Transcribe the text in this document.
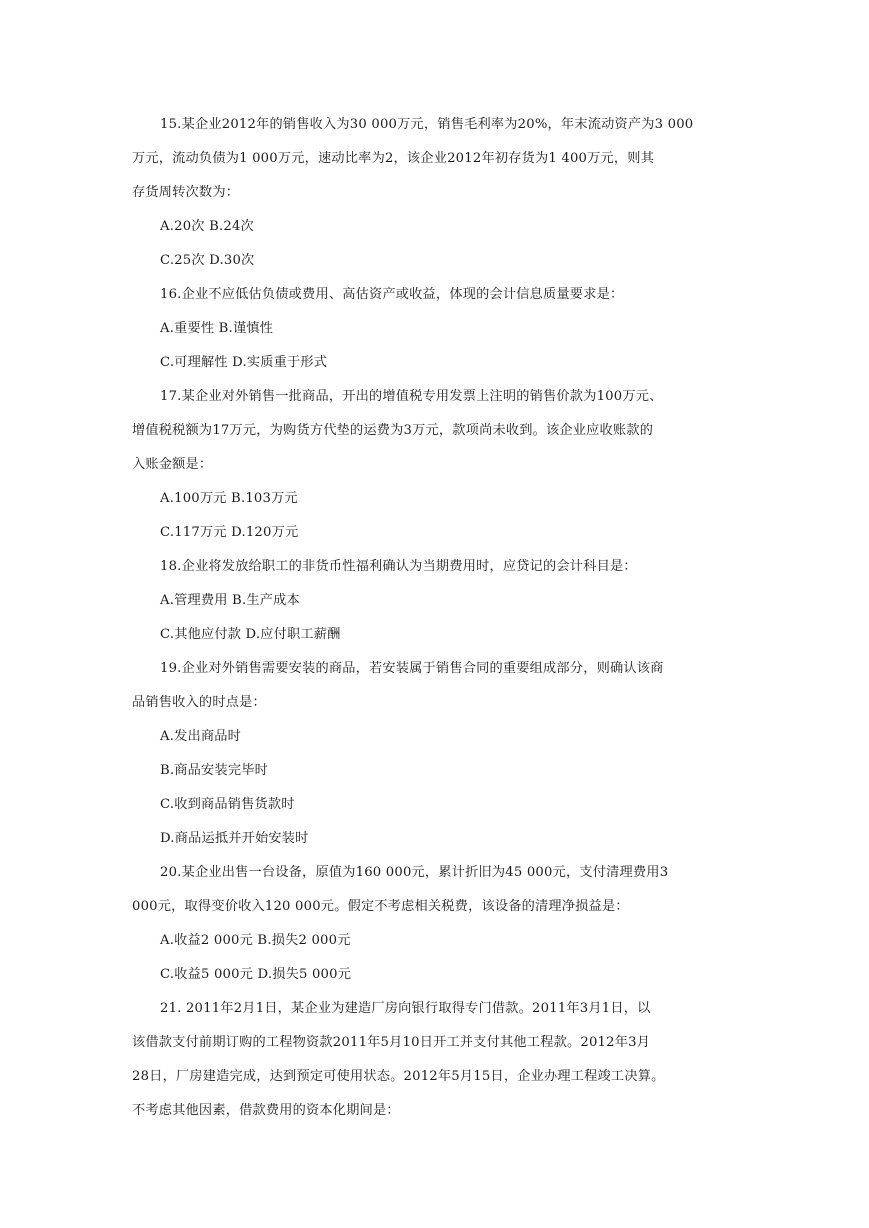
15.某企业2012年的销售收入为30 000万元，销售毛利率为20%，年末流动资产为3 000
万元，流动负债为1 000万元，速动比率为2，该企业2012年初存货为1 400万元，则其
存货周转次数为：
A.20次 B.24次
C.25次 D.30次
16.企业不应低估负债或费用、高估资产或收益，体现的会计信息质量要求是：
A.重要性 B.谨慎性
C.可理解性 D.实质重于形式
17.某企业对外销售一批商品，开出的增值税专用发票上注明的销售价款为100万元、
增值税税额为17万元，为购货方代垫的运费为3万元，款项尚未收到。该企业应收账款的
入账金额是：
A.100万元 B.103万元
C.117万元 D.120万元
18.企业将发放给职工的非货币性福利确认为当期费用时，应贷记的会计科目是：
A.管理费用 B.生产成本
C.其他应付款 D.应付职工薪酬
19.企业对外销售需要安装的商品，若安装属于销售合同的重要组成部分，则确认该商
品销售收入的时点是：
A.发出商品时
B.商品安装完毕时
C.收到商品销售货款时
D.商品运抵并开始安装时
20.某企业出售一台设备，原值为160 000元，累计折旧为45 000元，支付清理费用3
000元，取得变价收入120 000元。假定不考虑相关税费，该设备的清理净损益是：
A.收益2 000元 B.损失2 000元
C.收益5 000元 D.损失5 000元
21. 2011年2月1日，某企业为建造厂房向银行取得专门借款。2011年3月1日，以
该借款支付前期订购的工程物资款2011年5月10日开工并支付其他工程款。2012年3月
28日，厂房建造完成，达到预定可使用状态。2012年5月15日，企业办理工程竣工决算。
不考虑其他因素，借款费用的资本化期间是：
